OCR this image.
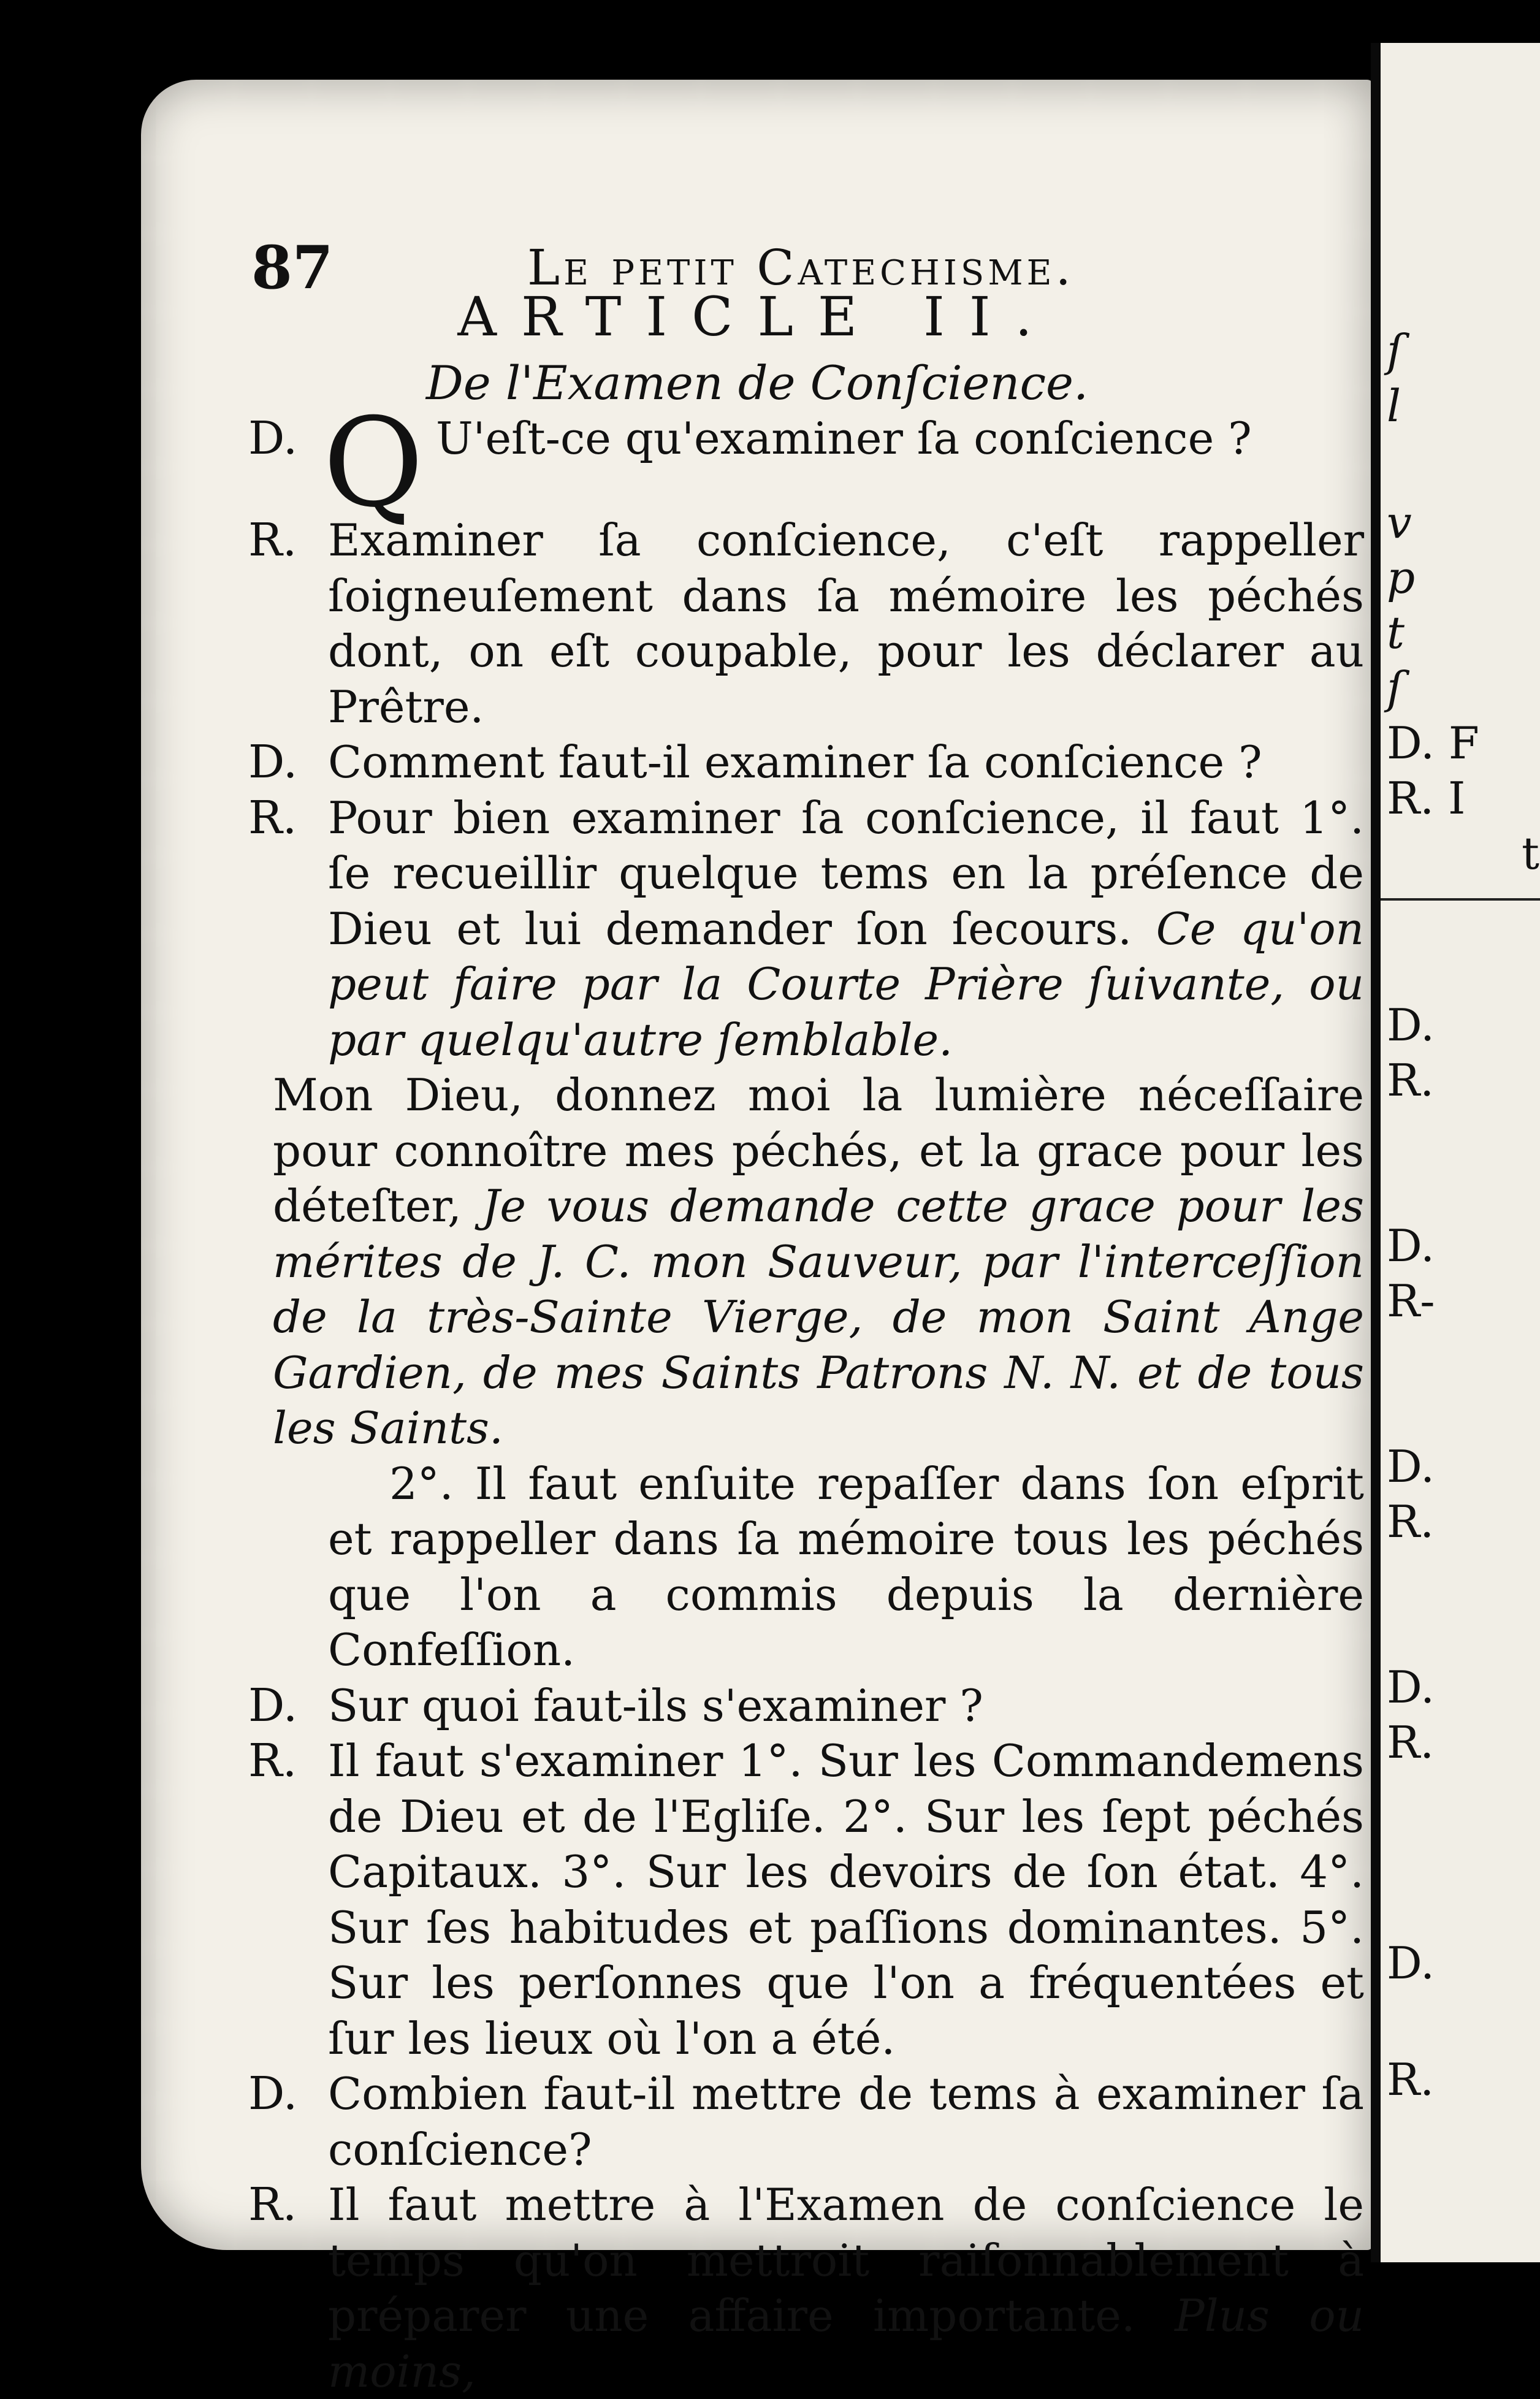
87	Le petit Catechisme.
ARTICLE II.
De l'Examen de Conſcience.
D. Q U'eſt-ce qu'examiner ſa conſcience ?
R. Examiner ſa conſcience, c'eſt rappeller ſoigneuſement dans ſa mémoire les péchés dont, on eſt coupable, pour les déclarer au Prêtre.
D. Comment faut-il examiner ſa conſcience ?
R. Pour bien examiner ſa conſcience, il faut 1°. ſe recueillir quelque tems en la préſence de Dieu et lui demander ſon ſecours. Ce qu'on peut faire par la Courte Prière ſuivante, ou par quelqu'autre ſemblable.
Mon Dieu, donnez moi la lumière néceſſaire pour connoître mes péchés, et la grace pour les déteſter, Je vous demande cette grace pour les mérites de J. C. mon Sauveur, par l'interceſſion de la très-Sainte Vierge, de mon Saint Ange Gardien, de mes Saints Patrons N. N. et de tous les Saints.
2°. Il faut enſuite repaſſer dans ſon eſprit et rappeller dans ſa mémoire tous les péchés que l'on a commis depuis la dernière Confeſſion.
D. Sur quoi faut-ils s'examiner ?
R. Il faut s'examiner 1°. Sur les Commandemens de Dieu et de l'Egliſe. 2°. Sur les ſept péchés Capitaux. 3°. Sur les devoirs de ſon état. 4°. Sur ſes habitudes et paſſions dominantes. 5°. Sur les perſonnes que l'on a fréquentées et ſur les lieux où l'on a été.
D. Combien faut-il mettre de tems à examiner ſa conſcience?
R. Il faut mettre à l'Examen de conſcience le temps qu'on mettroit raiſonnablement à préparer une affaire importante. Plus ou moins,
ſ
l
v
p
t
ſ
D. F
R. I
t
D.
R.
D.
R-
D.
R.
D.
R.
D.
R.
